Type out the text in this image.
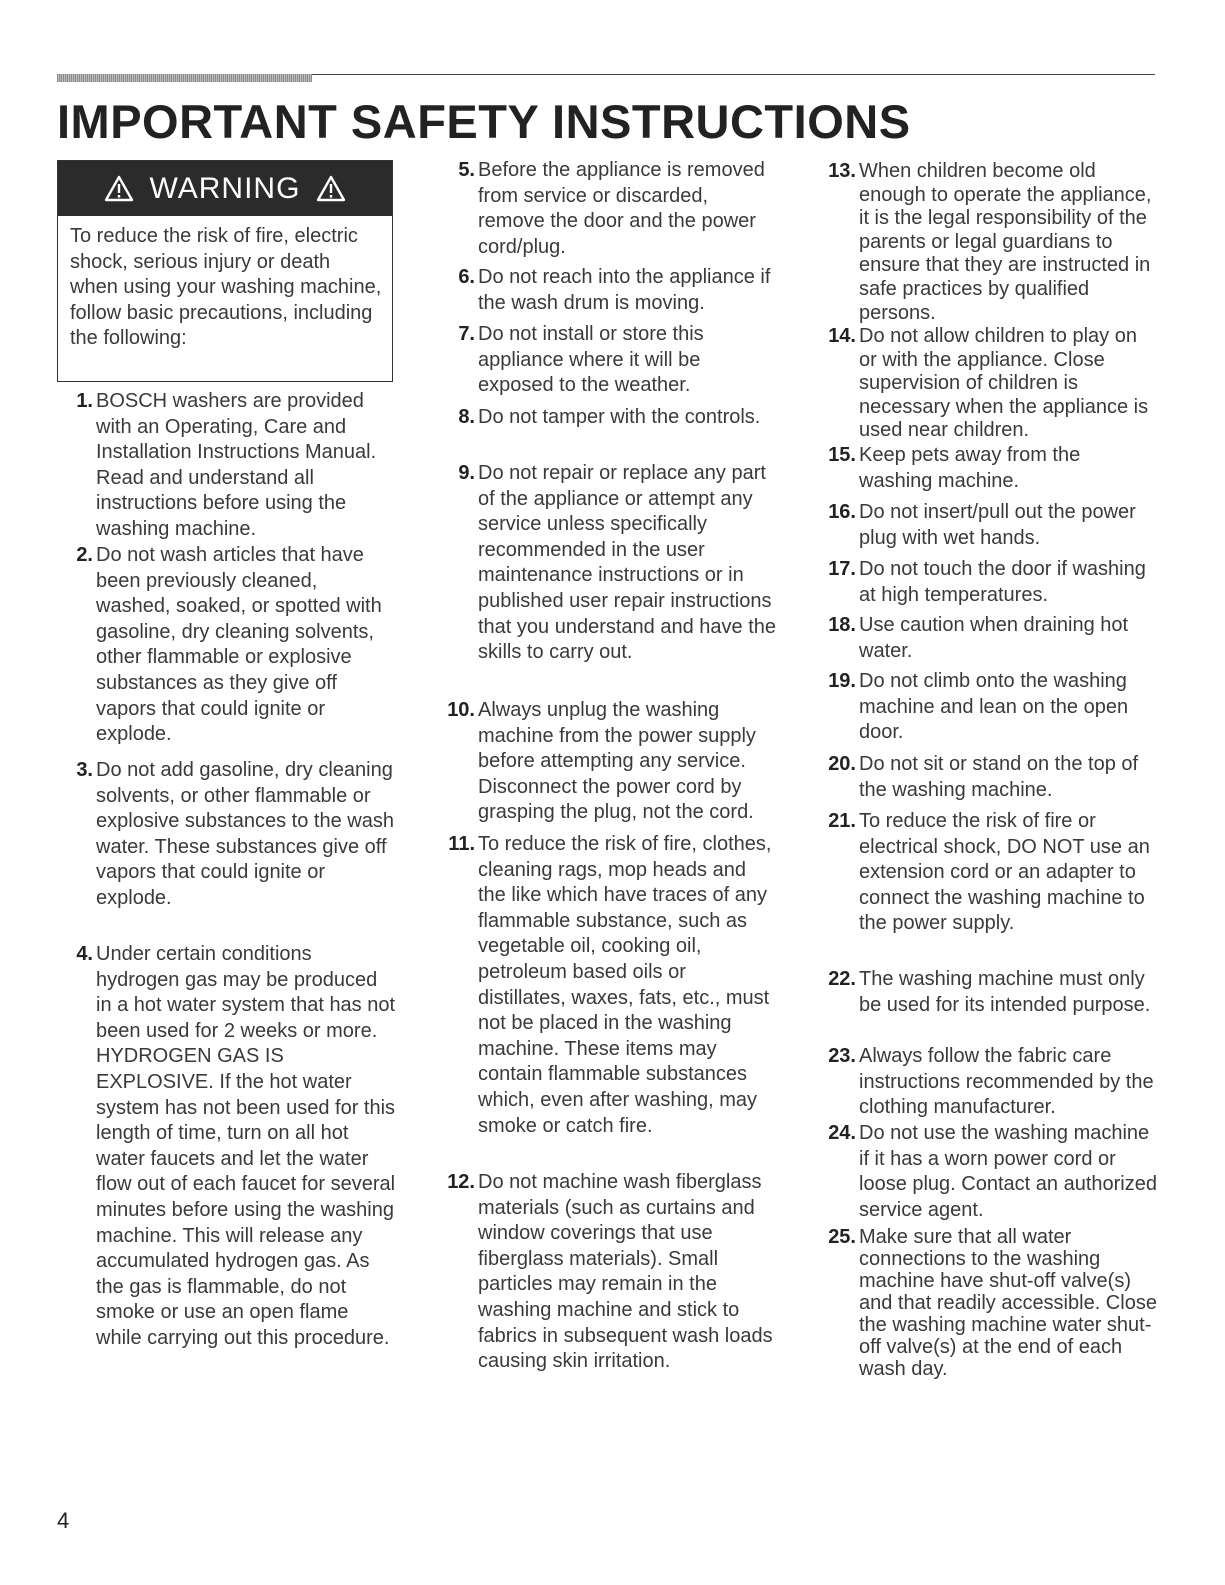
IMPORTANT SAFETY INSTRUCTIONS
WARNING
To reduce the risk of fire, electric shock, serious injury or death when using your washing machine, follow basic precautions, including the following:
1. BOSCH washers are provided with an Operating, Care and Installation Instructions Manual. Read and understand all instructions before using the washing machine.
2. Do not wash articles that have been previously cleaned, washed, soaked, or spotted with gasoline, dry cleaning solvents, other flammable or explosive substances as they give off vapors that could ignite or explode.
3. Do not add gasoline, dry cleaning solvents, or other flammable or explosive substances to the wash water. These substances give off vapors that could ignite or explode.
4. Under certain conditions hydrogen gas may be produced in a hot water system that has not been used for 2 weeks or more. HYDROGEN GAS IS EXPLOSIVE. If the hot water system has not been used for this length of time, turn on all hot water faucets and let the water flow out of each faucet for several minutes before using the washing machine. This will release any accumulated hydrogen gas. As the gas is flammable, do not smoke or use an open flame while carrying out this procedure.
5. Before the appliance is removed from service or discarded, remove the door and the power cord/plug.
6. Do not reach into the appliance if the wash drum is moving.
7. Do not install or store this appliance where it will be exposed to the weather.
8. Do not tamper with the controls.
9. Do not repair or replace any part of the appliance or attempt any service unless specifically recommended in the user maintenance instructions or in published user repair instructions that you understand and have the skills to carry out.
10. Always unplug the washing machine from the power supply before attempting any service. Disconnect the power cord by grasping the plug, not the cord.
11. To reduce the risk of fire, clothes, cleaning rags, mop heads and the like which have traces of any flammable substance, such as vegetable oil, cooking oil, petroleum based oils or distillates, waxes, fats, etc., must not be placed in the washing machine. These items may contain flammable substances which, even after washing, may smoke or catch fire.
12. Do not machine wash fiberglass materials (such as curtains and window coverings that use fiberglass materials). Small particles may remain in the washing machine and stick to fabrics in subsequent wash loads causing skin irritation.
13. When children become old enough to operate the appliance, it is the legal responsibility of the parents or legal guardians to ensure that they are instructed in safe practices by qualified persons.
14. Do not allow children to play on or with the appliance. Close supervision of children is necessary when the appliance is used near children.
15. Keep pets away from the washing machine.
16. Do not insert/pull out the power plug with wet hands.
17. Do not touch the door if washing at high temperatures.
18. Use caution when draining hot water.
19. Do not climb onto the washing machine and lean on the open door.
20. Do not sit or stand on the top of the washing machine.
21. To reduce the risk of fire or electrical shock, DO NOT use an extension cord or an adapter to connect the washing machine to the power supply.
22. The washing machine must only be used for its intended purpose.
23. Always follow the fabric care instructions recommended by the clothing manufacturer.
24. Do not use the washing machine if it has a worn power cord or loose plug. Contact an authorized service agent.
25. Make sure that all water connections to the washing machine have shut-off valve(s) and that readily accessible. Close the washing machine water shut-off valve(s) at the end of each wash day.
4
